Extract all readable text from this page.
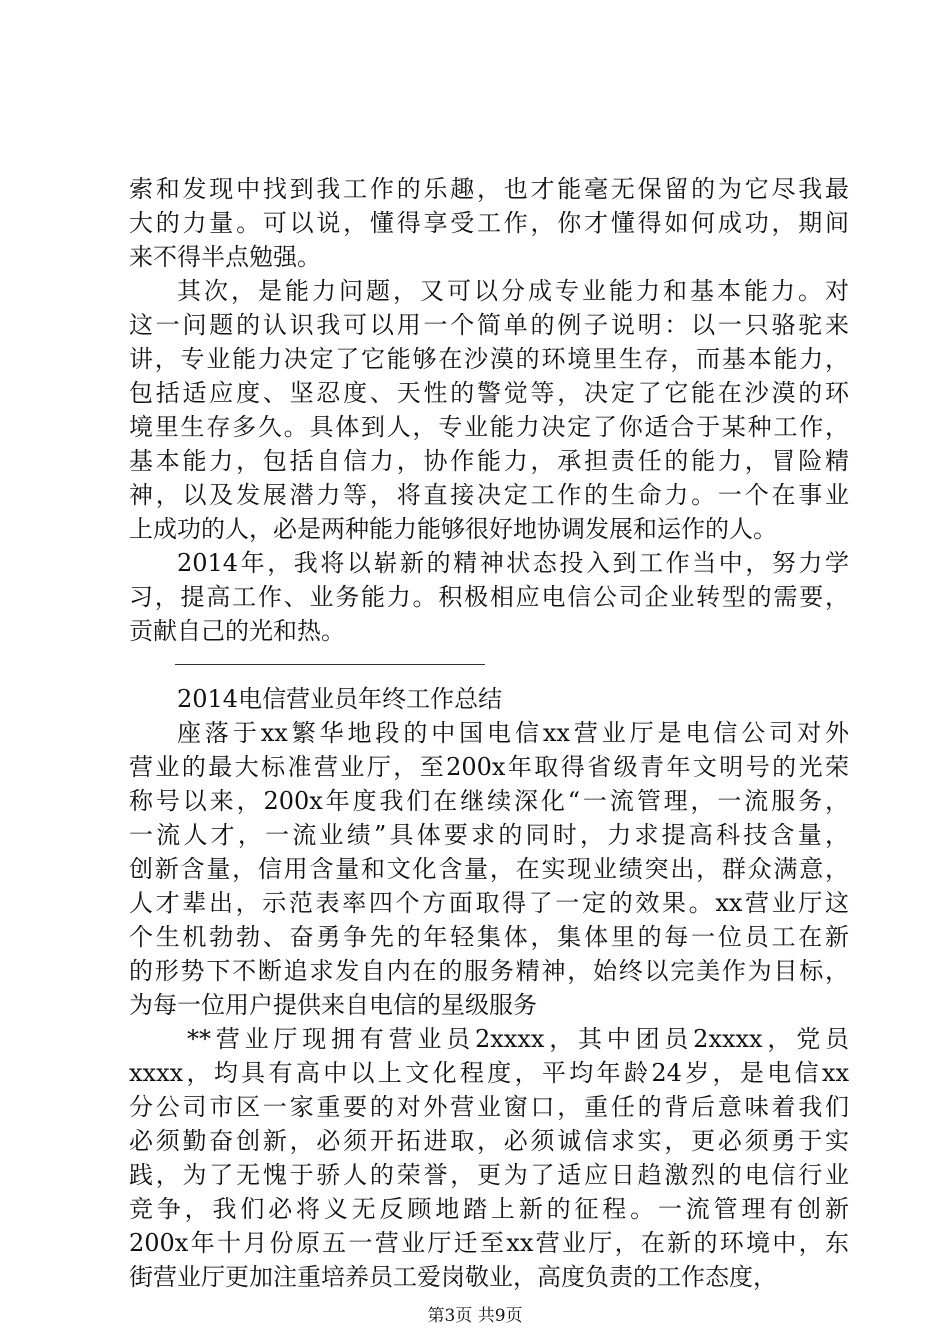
索和发现中找到我工作的乐趣，也才能毫无保留的为它尽我最
大的力量。可以说，懂得享受工作，你才懂得如何成功，期间
来不得半点勉强。
其次，是能力问题，又可以分成专业能力和基本能力。对
这一问题的认识我可以用一个简单的例子说明：以一只骆驼来
讲，专业能力决定了它能够在沙漠的环境里生存，而基本能力，
包括适应度、坚忍度、天性的警觉等，决定了它能在沙漠的环
境里生存多久。具体到人，专业能力决定了你适合于某种工作，
基本能力，包括自信力，协作能力，承担责任的能力，冒险精
神，以及发展潜力等，将直接决定工作的生命力。一个在事业
上成功的人，必是两种能力能够很好地协调发展和运作的人。
2014年，我将以崭新的精神状态投入到工作当中，努力学
习，提高工作、业务能力。积极相应电信公司企业转型的需要，
贡献自己的光和热。
2014电信营业员年终工作总结
座落于xx繁华地段的中国电信xx营业厅是电信公司对外
营业的最大标准营业厅，至200x年取得省级青年文明号的光荣
称号以来，200x年度我们在继续深化“一流管理，一流服务，
一流人才，一流业绩”具体要求的同时，力求提高科技含量，
创新含量，信用含量和文化含量，在实现业绩突出，群众满意，
人才辈出，示范表率四个方面取得了一定的效果。xx营业厅这
个生机勃勃、奋勇争先的年轻集体，集体里的每一位员工在新
的形势下不断追求发自内在的服务精神，始终以完美作为目标，
为每一位用户提供来自电信的星级服务
**营业厅现拥有营业员2xxxx，其中团员2xxxx，党员
xxxx，均具有高中以上文化程度，平均年龄24岁，是电信xx
分公司市区一家重要的对外营业窗口，重任的背后意味着我们
必须勤奋创新，必须开拓进取，必须诚信求实，更必须勇于实
践，为了无愧于骄人的荣誉，更为了适应日趋激烈的电信行业
竞争，我们必将义无反顾地踏上新的征程。一流管理有创新
200x年十月份原五一营业厅迁至xx营业厅，在新的环境中，东
街营业厅更加注重培养员工爱岗敬业，高度负责的工作态度，
第3页 共9页
